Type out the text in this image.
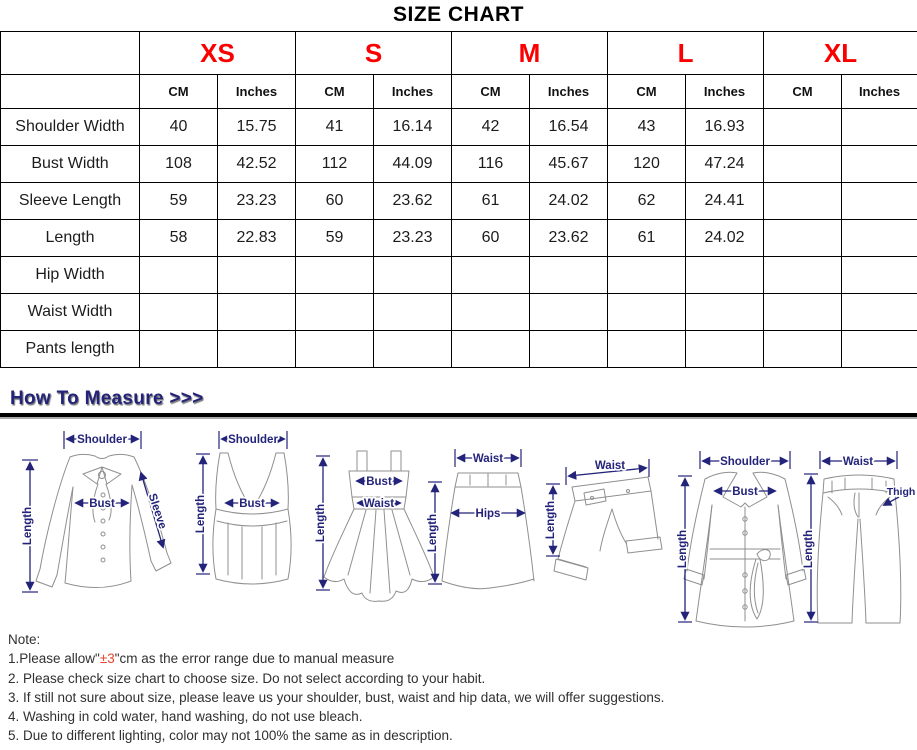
SIZE CHART
	XS		S		M		L		XL	
	CM	Inches	CM	Inches	CM	Inches	CM	Inches	CM	Inches
Shoulder Width	40	15.75	41	16.14	42	16.54	43	16.93		
Bust Width	108	42.52	112	44.09	116	45.67	120	47.24		
Sleeve Length	59	23.23	60	23.62	61	24.02	62	24.41		
Length	58	22.83	59	23.23	60	23.62	61	24.02		
Hip Width										
Waist Width										
Pants length										
How To Measure >>>
Shoulder
Length
Bust	Sleeve
Shoulder
Length	Bust	Length
Bust
Waist
Waist
Length	Hips
Waist
Length
Shoulder
Length
Bust
Waist
Length
Thigh
Note:
1.Please allow"±3"cm as the error range due to manual measure
2. Please check size chart to choose size. Do not select according to your habit.
3. If still not sure about size, please leave us your shoulder, bust, waist and hip data, we will offer suggestions.
4. Washing in cold water, hand washing, do not use bleach.
5. Due to different lighting, color may not 100% the same as in description.
